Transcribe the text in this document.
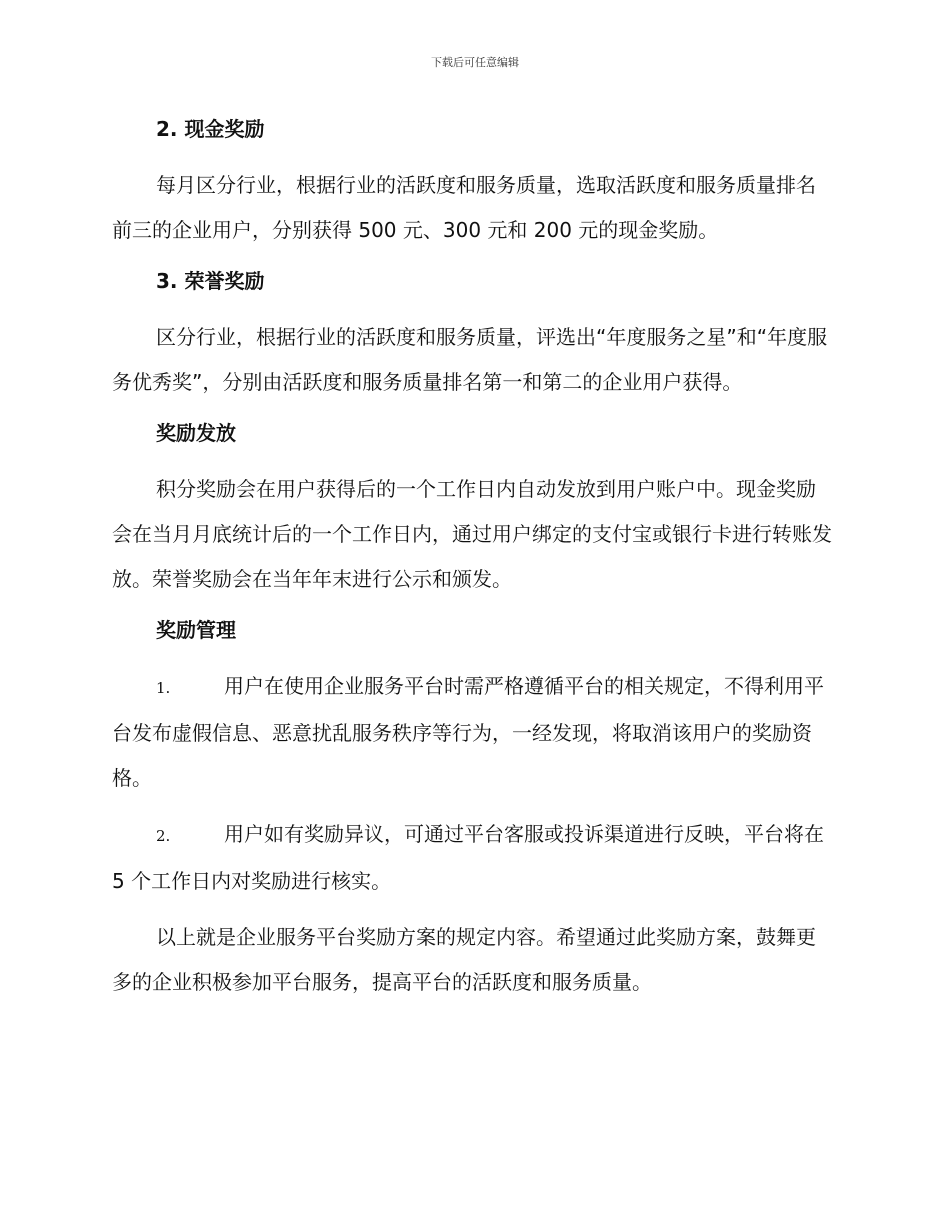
下载后可任意编辑
2. 现金奖励

每月区分行业，根据行业的活跃度和服务质量，选取活跃度和服务质量排名前三的企业用户，分别获得 500 元、300 元和 200 元的现金奖励。

3. 荣誉奖励

区分行业，根据行业的活跃度和服务质量，评选出“年度服务之星”和“年度服务优秀奖”，分别由活跃度和服务质量排名第一和第二的企业用户获得。

奖励发放

积分奖励会在用户获得后的一个工作日内自动发放到用户账户中。现金奖励会在当月月底统计后的一个工作日内，通过用户绑定的支付宝或银行卡进行转账发放。荣誉奖励会在当年年末进行公示和颁发。

奖励管理

1.	用户在使用企业服务平台时需严格遵循平台的相关规定，不得利用平台发布虚假信息、恶意扰乱服务秩序等行为，一经发现，将取消该用户的奖励资格。

2.	用户如有奖励异议，可通过平台客服或投诉渠道进行反映，平台将在 5 个工作日内对奖励进行核实。

以上就是企业服务平台奖励方案的规定内容。希望通过此奖励方案，鼓舞更多的企业积极参加平台服务，提高平台的活跃度和服务质量。
